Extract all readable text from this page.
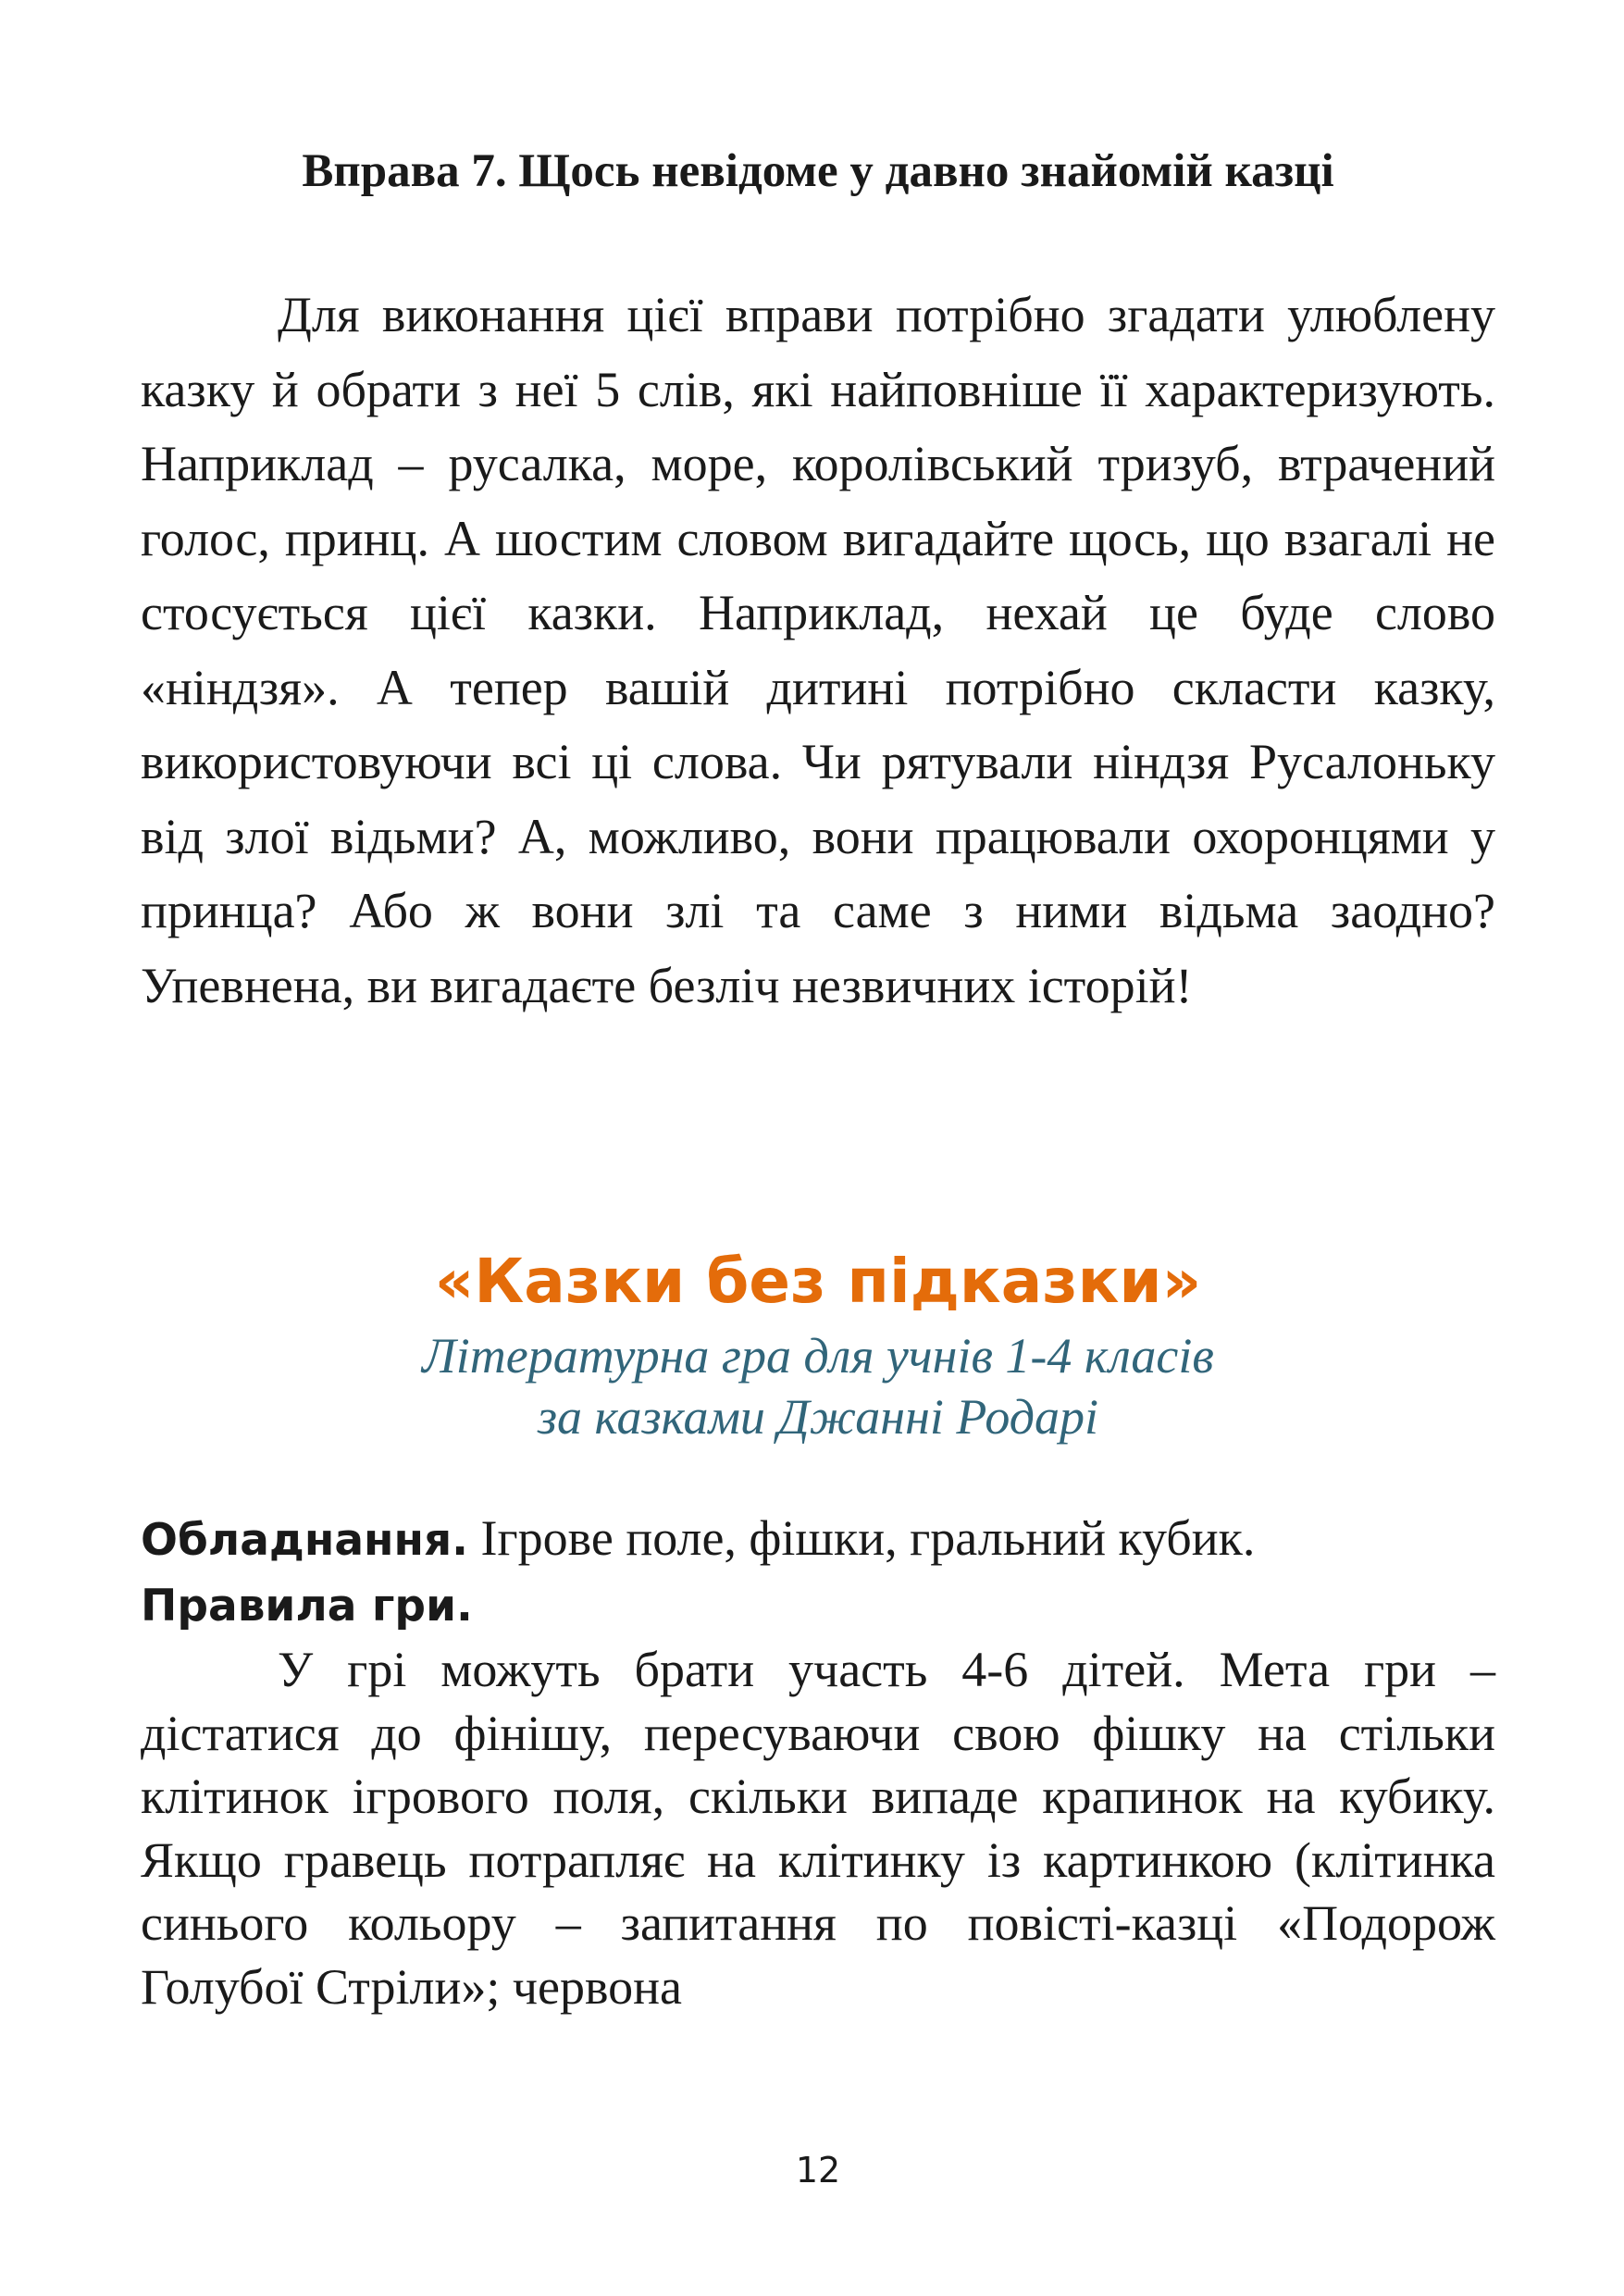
Вправа 7. Щось невідоме у давно знайомій казці

Для виконання цієї вправи потрібно згадати улюблену казку й обрати з неї 5 слів, які найповніше її характеризують. Наприклад – русалка, море, королівський тризуб, втрачений голос, принц. А шостим словом вигадайте щось, що взагалі не стосується цієї казки. Наприклад, нехай це буде слово «ніндзя». А тепер вашій дитині потрібно скласти казку, використовуючи всі ці слова. Чи рятували ніндзя Русалоньку від злої відьми? А, можливо, вони працювали охоронцями у принца? Або ж вони злі та саме з ними відьма заодно? Упевнена, ви вигадаєте безліч незвичних історій!

«Казки без підказки»
Літературна гра для учнів 1-4 класів
за казками Джанні Родарі
Обладнання. Ігрове поле, фішки, гральний кубик.
Правила гри.

У грі можуть брати участь 4-6 дітей. Мета гри – дістатися до фінішу, пересуваючи свою фішку на стільки клітинок ігрового поля, скільки випаде крапинок на кубику. Якщо гравець потрапляє на клітинку із картинкою (клітинка синього кольору – запитання по повісті-казці «Подорож Голубої Стріли»; червона

12
